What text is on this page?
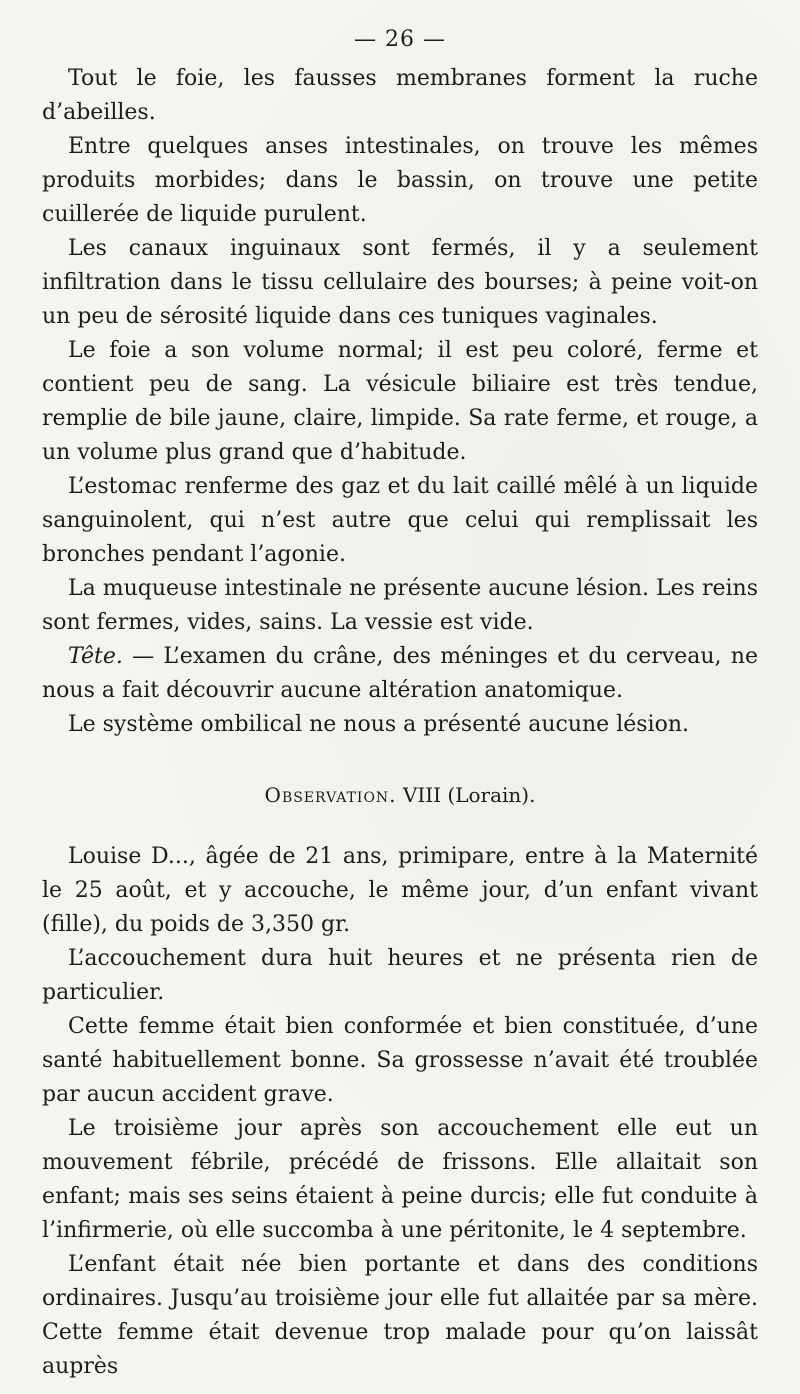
— 26 —

Tout le foie, les fausses membranes forment la ruche d’abeilles.

Entre quelques anses intestinales, on trouve les mêmes produits morbides; dans le bassin, on trouve une petite cuillerée de liquide purulent.

Les canaux inguinaux sont fermés, il y a seulement infiltration dans le tissu cellulaire des bourses; à peine voit-on un peu de sérosité liquide dans ces tuniques vaginales.

Le foie a son volume normal; il est peu coloré, ferme et contient peu de sang. La vésicule biliaire est très tendue, remplie de bile jaune, claire, limpide. Sa rate ferme, et rouge, a un volume plus grand que d’habitude.

L’estomac renferme des gaz et du lait caillé mêlé à un liquide sanguinolent, qui n’est autre que celui qui remplissait les bronches pendant l’agonie.

La muqueuse intestinale ne présente aucune lésion. Les reins sont fermes, vides, sains. La vessie est vide.

Tête. — L’examen du crâne, des méninges et du cerveau, ne nous a fait découvrir aucune altération anatomique.

Le système ombilical ne nous a présenté aucune lésion.

Observation. VIII (Lorain).

Louise D..., âgée de 21 ans, primipare, entre à la Maternité le 25 août, et y accouche, le même jour, d’un enfant vivant (fille), du poids de 3,350 gr.

L’accouchement dura huit heures et ne présenta rien de particulier.

Cette femme était bien conformée et bien constituée, d’une santé habituellement bonne. Sa grossesse n’avait été troublée par aucun accident grave.

Le troisième jour après son accouchement elle eut un mouvement fébrile, précédé de frissons. Elle allaitait son enfant; mais ses seins étaient à peine durcis; elle fut conduite à l’infirmerie, où elle succomba à une péritonite, le 4 septembre.

L’enfant était née bien portante et dans des conditions ordinaires. Jusqu’au troisième jour elle fut allaitée par sa mère. Cette femme était devenue trop malade pour qu’on laissât auprès
